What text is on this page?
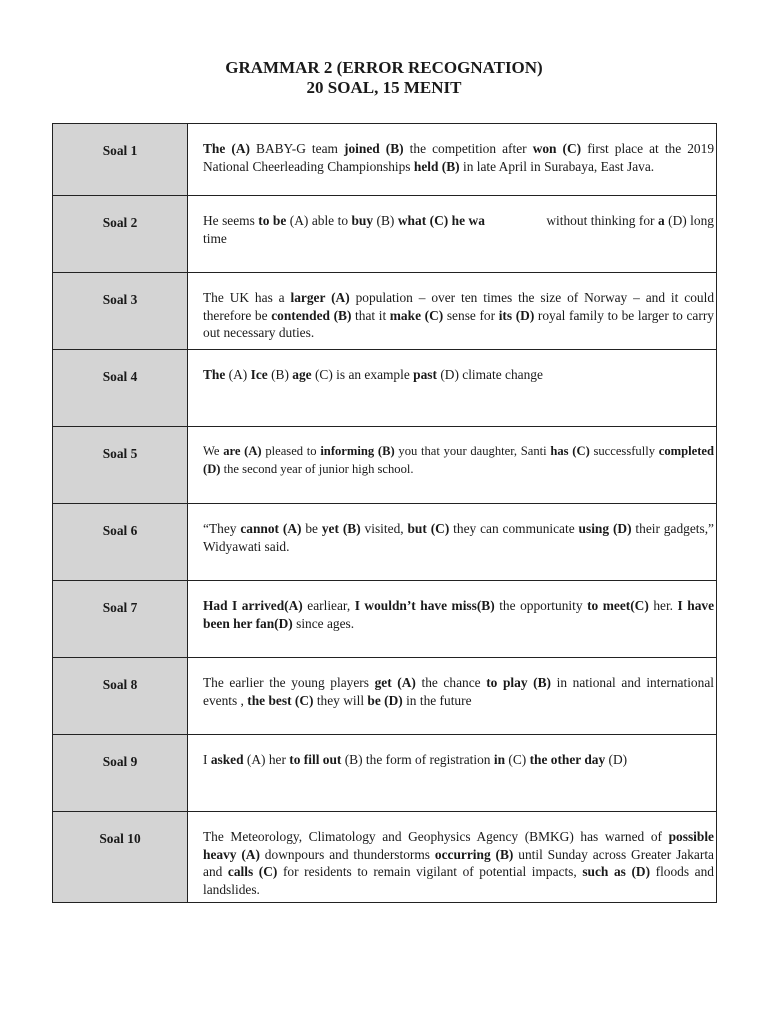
GRAMMAR 2 (ERROR RECOGNATION)
20 SOAL, 15 MENIT
Soal 1	The (A) BABY-G team joined (B) the competition after won (C) first place at the 2019 National Cheerleading Championships held (B) in late April in Surabaya, East Java.
Soal 2	He seems to be (A) able to buy (B) what (C) he wa without thinking for a (D) long time
Soal 3	The UK has a larger (A) population – over ten times the size of Norway – and it could therefore be contended (B) that it make (C) sense for its (D) royal family to be larger to carry out necessary duties.
Soal 4	The (A) Ice (B) age (C) is an example past (D) climate change
Soal 5	We are (A) pleased to informing (B) you that your daughter, Santi has (C) successfully completed (D) the second year of junior high school.
Soal 6	“They cannot (A) be yet (B) visited, but (C) they can communicate using (D) their gadgets,” Widyawati said.
Soal 7	Had I arrived(A) earliear, I wouldn’t have miss(B) the opportunity to meet(C) her. I have been her fan(D) since ages.
Soal 8	The earlier the young players get (A) the chance to play (B) in national and international events , the best (C) they will be (D) in the future
Soal 9	I asked (A) her to fill out (B) the form of registration in (C) the other day (D)
Soal 10	The Meteorology, Climatology and Geophysics Agency (BMKG) has warned of possible heavy (A) downpours and thunderstorms occurring (B) until Sunday across Greater Jakarta and calls (C) for residents to remain vigilant of potential impacts, such as (D) floods and landslides.
